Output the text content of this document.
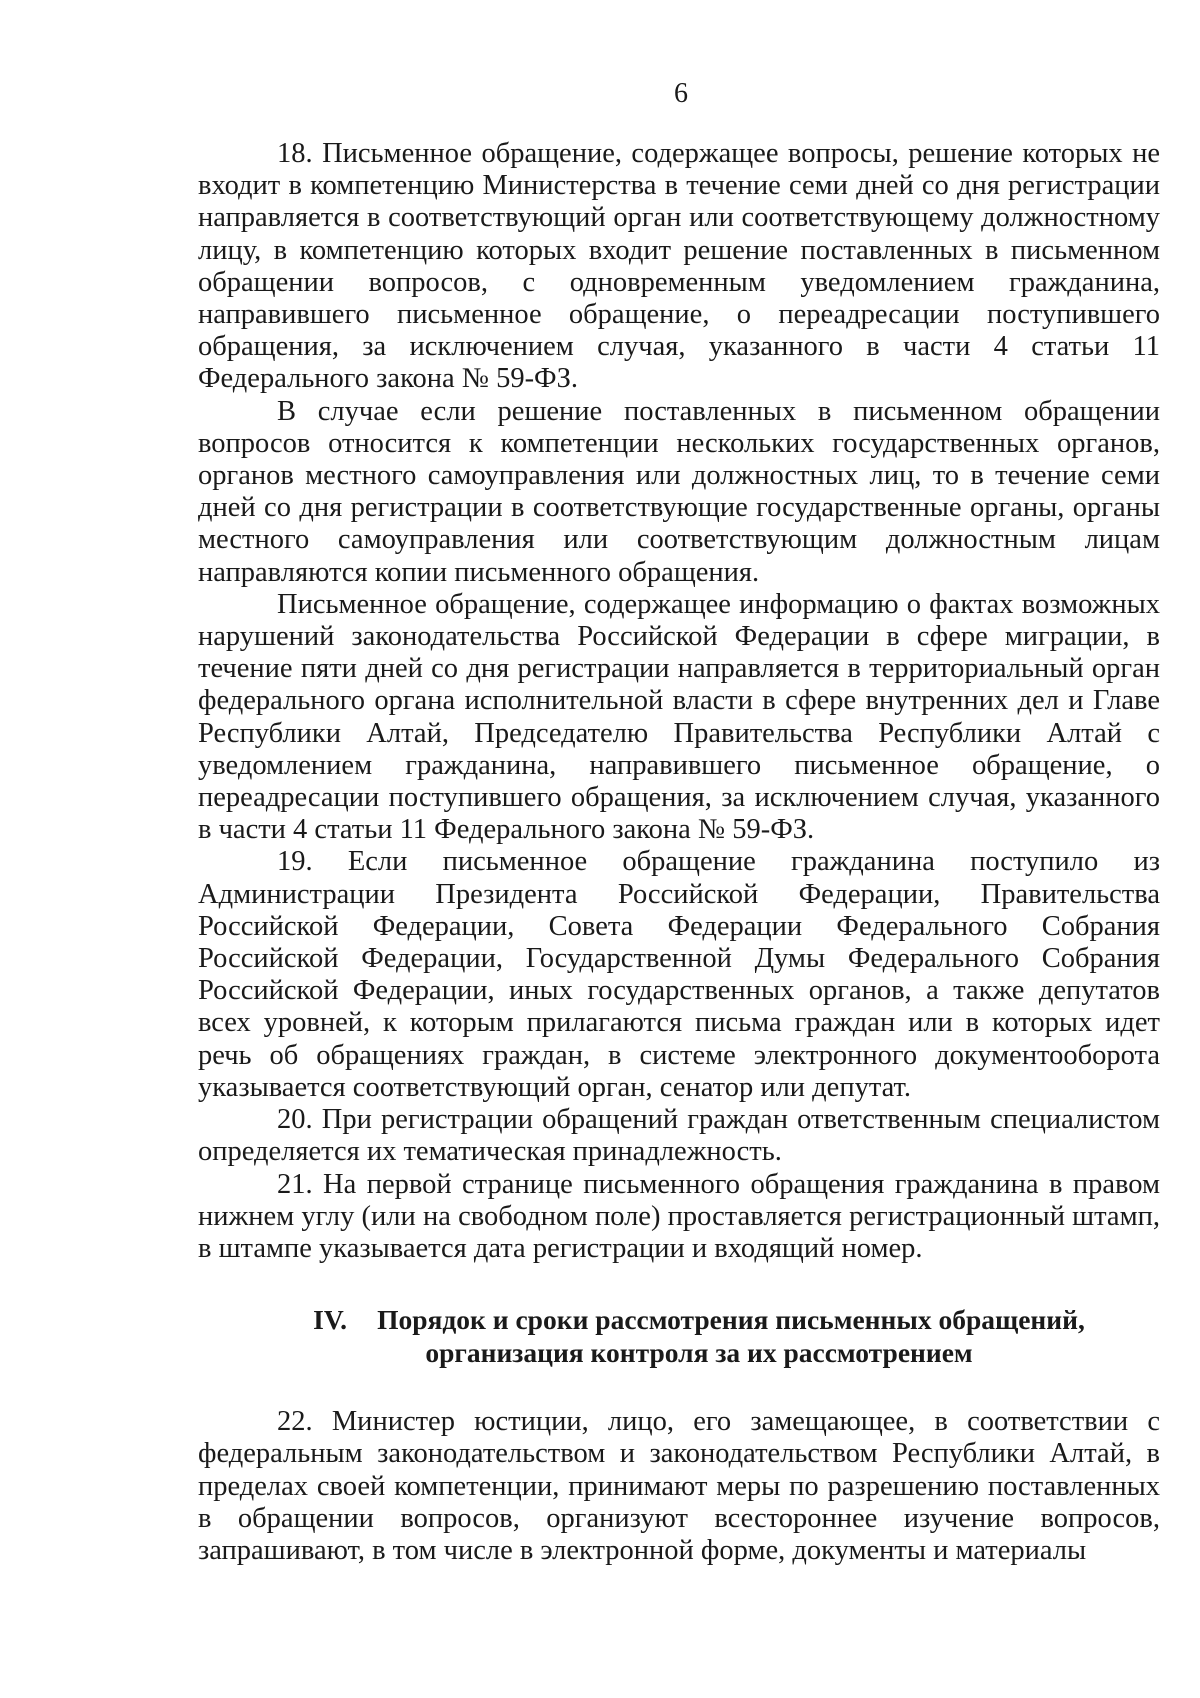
6

18. Письменное обращение, содержащее вопросы, решение которых не входит в компетенцию Министерства в течение семи дней со дня регистрации направляется в соответствующий орган или соответствующему должностному лицу, в компетенцию которых входит решение поставленных в письменном обращении вопросов, с одновременным уведомлением гражданина, направившего письменное обращение, о переадресации поступившего обращения, за исключением случая, указанного в части 4 статьи 11 Федерального закона № 59-ФЗ.

В случае если решение поставленных в письменном обращении вопросов относится к компетенции нескольких государственных органов, органов местного самоуправления или должностных лиц, то в течение семи дней со дня регистрации в соответствующие государственные органы, органы местного самоуправления или соответствующим должностным лицам направляются копии письменного обращения.

Письменное обращение, содержащее информацию о фактах возможных нарушений законодательства Российской Федерации в сфере миграции, в течение пяти дней со дня регистрации направляется в территориальный орган федерального органа исполнительной власти в сфере внутренних дел и Главе Республики Алтай, Председателю Правительства Республики Алтай с уведомлением гражданина, направившего письменное обращение, о переадресации поступившего обращения, за исключением случая, указанного в части 4 статьи 11 Федерального закона № 59-ФЗ.

19. Если письменное обращение гражданина поступило из Администрации Президента Российской Федерации, Правительства Российской Федерации, Совета Федерации Федерального Собрания Российской Федерации, Государственной Думы Федерального Собрания Российской Федерации, иных государственных органов, а также депутатов всех уровней, к которым прилагаются письма граждан или в которых идет речь об обращениях граждан, в системе электронного документооборота указывается соответствующий орган, сенатор или депутат.

20. При регистрации обращений граждан ответственным специалистом определяется их тематическая принадлежность.

21. На первой странице письменного обращения гражданина в правом нижнем углу (или на свободном поле) проставляется регистрационный штамп, в штампе указывается дата регистрации и входящий номер.

IV. Порядок и сроки рассмотрения письменных обращений,
организация контроля за их рассмотрением

22. Министер юстиции, лицо, его замещающее, в соответствии с федеральным законодательством и законодательством Республики Алтай, в пределах своей компетенции, принимают меры по разрешению поставленных в обращении вопросов, организуют всестороннее изучение вопросов, запрашивают, в том числе в электронной форме, документы и материалы
